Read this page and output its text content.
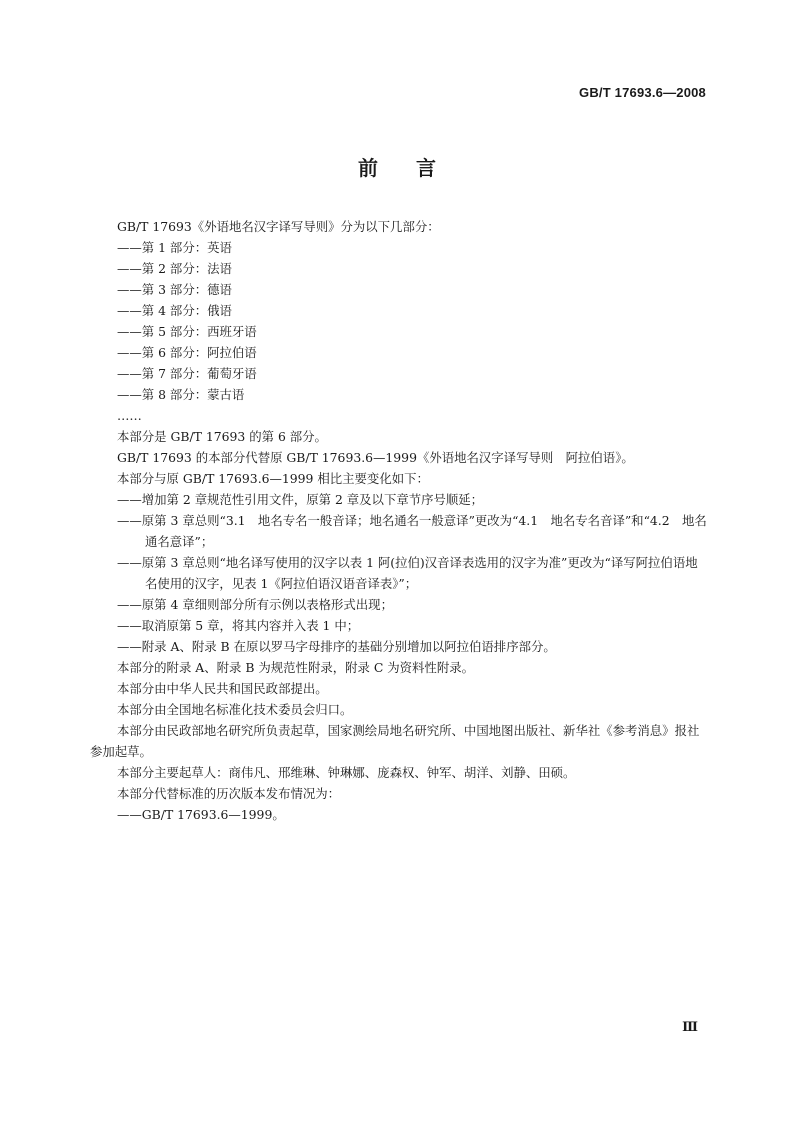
GB/T 17693.6—2008
前言

GB/T 17693《外语地名汉字译写导则》分为以下几部分：

——第 1 部分：英语

——第 2 部分：法语

——第 3 部分：德语

——第 4 部分：俄语

——第 5 部分：西班牙语

——第 6 部分：阿拉伯语

——第 7 部分：葡萄牙语

——第 8 部分：蒙古语

……

本部分是 GB/T 17693 的第 6 部分。

GB/T 17693 的本部分代替原 GB/T 17693.6—1999《外语地名汉字译写导则　阿拉伯语》。

本部分与原 GB/T 17693.6—1999 相比主要变化如下：

——增加第 2 章规范性引用文件，原第 2 章及以下章节序号顺延；

——原第 3 章总则“3.1　地名专名一般音译；地名通名一般意译”更改为“4.1　地名专名音译”和“4.2　地名通名意译”；

——原第 3 章总则“地名译写使用的汉字以表 1 阿(拉伯)汉音译表选用的汉字为准”更改为“译写阿拉伯语地名使用的汉字，见表 1《阿拉伯语汉语音译表》”；

——原第 4 章细则部分所有示例以表格形式出现；

——取消原第 5 章，将其内容并入表 1 中；

——附录 A、附录 B 在原以罗马字母排序的基础分别增加以阿拉伯语排序部分。

本部分的附录 A、附录 B 为规范性附录，附录 C 为资料性附录。

本部分由中华人民共和国民政部提出。

本部分由全国地名标准化技术委员会归口。

本部分由民政部地名研究所负责起草，国家测绘局地名研究所、中国地图出版社、新华社《参考消息》报社参加起草。

本部分主要起草人：商伟凡、邢维琳、钟琳娜、庞森权、钟军、胡洋、刘静、田硕。

本部分代替标准的历次版本发布情况为：

——GB/T 17693.6—1999。

Ⅲ
